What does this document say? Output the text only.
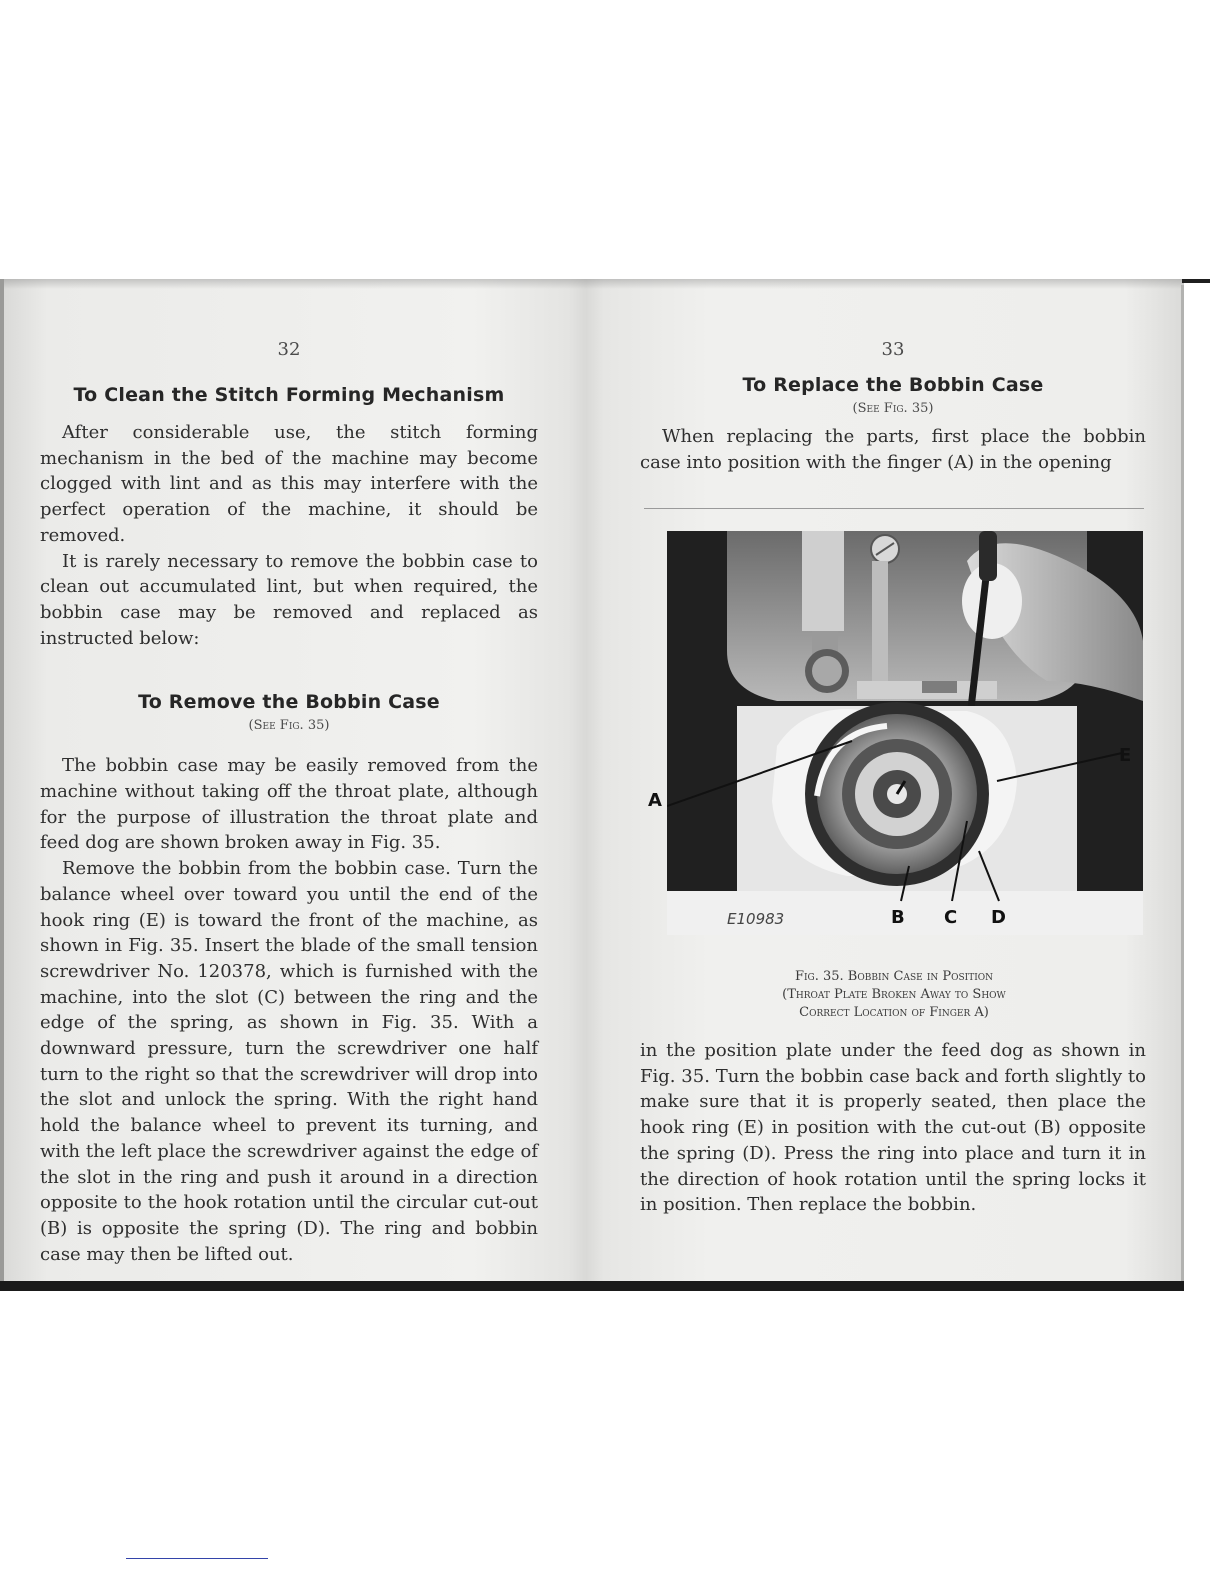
32
To Clean the Stitch Forming Mechanism

After considerable use, the stitch forming mechanism in the bed of the machine may become clogged with lint and as this may interfere with the perfect operation of the machine, it should be removed.

It is rarely necessary to remove the bobbin case to clean out accumulated lint, but when required, the bobbin case may be removed and replaced as instructed below:

To Remove the Bobbin Case
(See Fig. 35)

The bobbin case may be easily removed from the machine without taking off the throat plate, although for the purpose of illustration the throat plate and feed dog are shown broken away in Fig. 35.

Remove the bobbin from the bobbin case. Turn the balance wheel over toward you until the end of the hook ring (E) is toward the front of the machine, as shown in Fig. 35. Insert the blade of the small tension screwdriver No. 120378, which is furnished with the machine, into the slot (C) between the ring and the edge of the spring, as shown in Fig. 35. With a downward pressure, turn the screwdriver one half turn to the right so that the screwdriver will drop into the slot and unlock the spring. With the right hand hold the balance wheel to prevent its turning, and with the left place the screwdriver against the edge of the slot in the ring and push it around in a direction opposite to the hook rotation until the circular cut-out (B) is opposite the spring (D). The ring and bobbin case may then be lifted out.

33
To Replace the Bobbin Case
(See Fig. 35)

When replacing the parts, first place the bobbin case into position with the finger (A) in the opening

A
E
B C D
E10983
Fig. 35. Bobbin Case in Position
(Throat Plate Broken Away to Show
Correct Location of Finger A)

in the position plate under the feed dog as shown in Fig. 35. Turn the bobbin case back and forth slightly to make sure that it is properly seated, then place the hook ring (E) in position with the cut-out (B) opposite the spring (D). Press the ring into place and turn it in the direction of hook rotation until the spring locks it in position. Then replace the bobbin.
